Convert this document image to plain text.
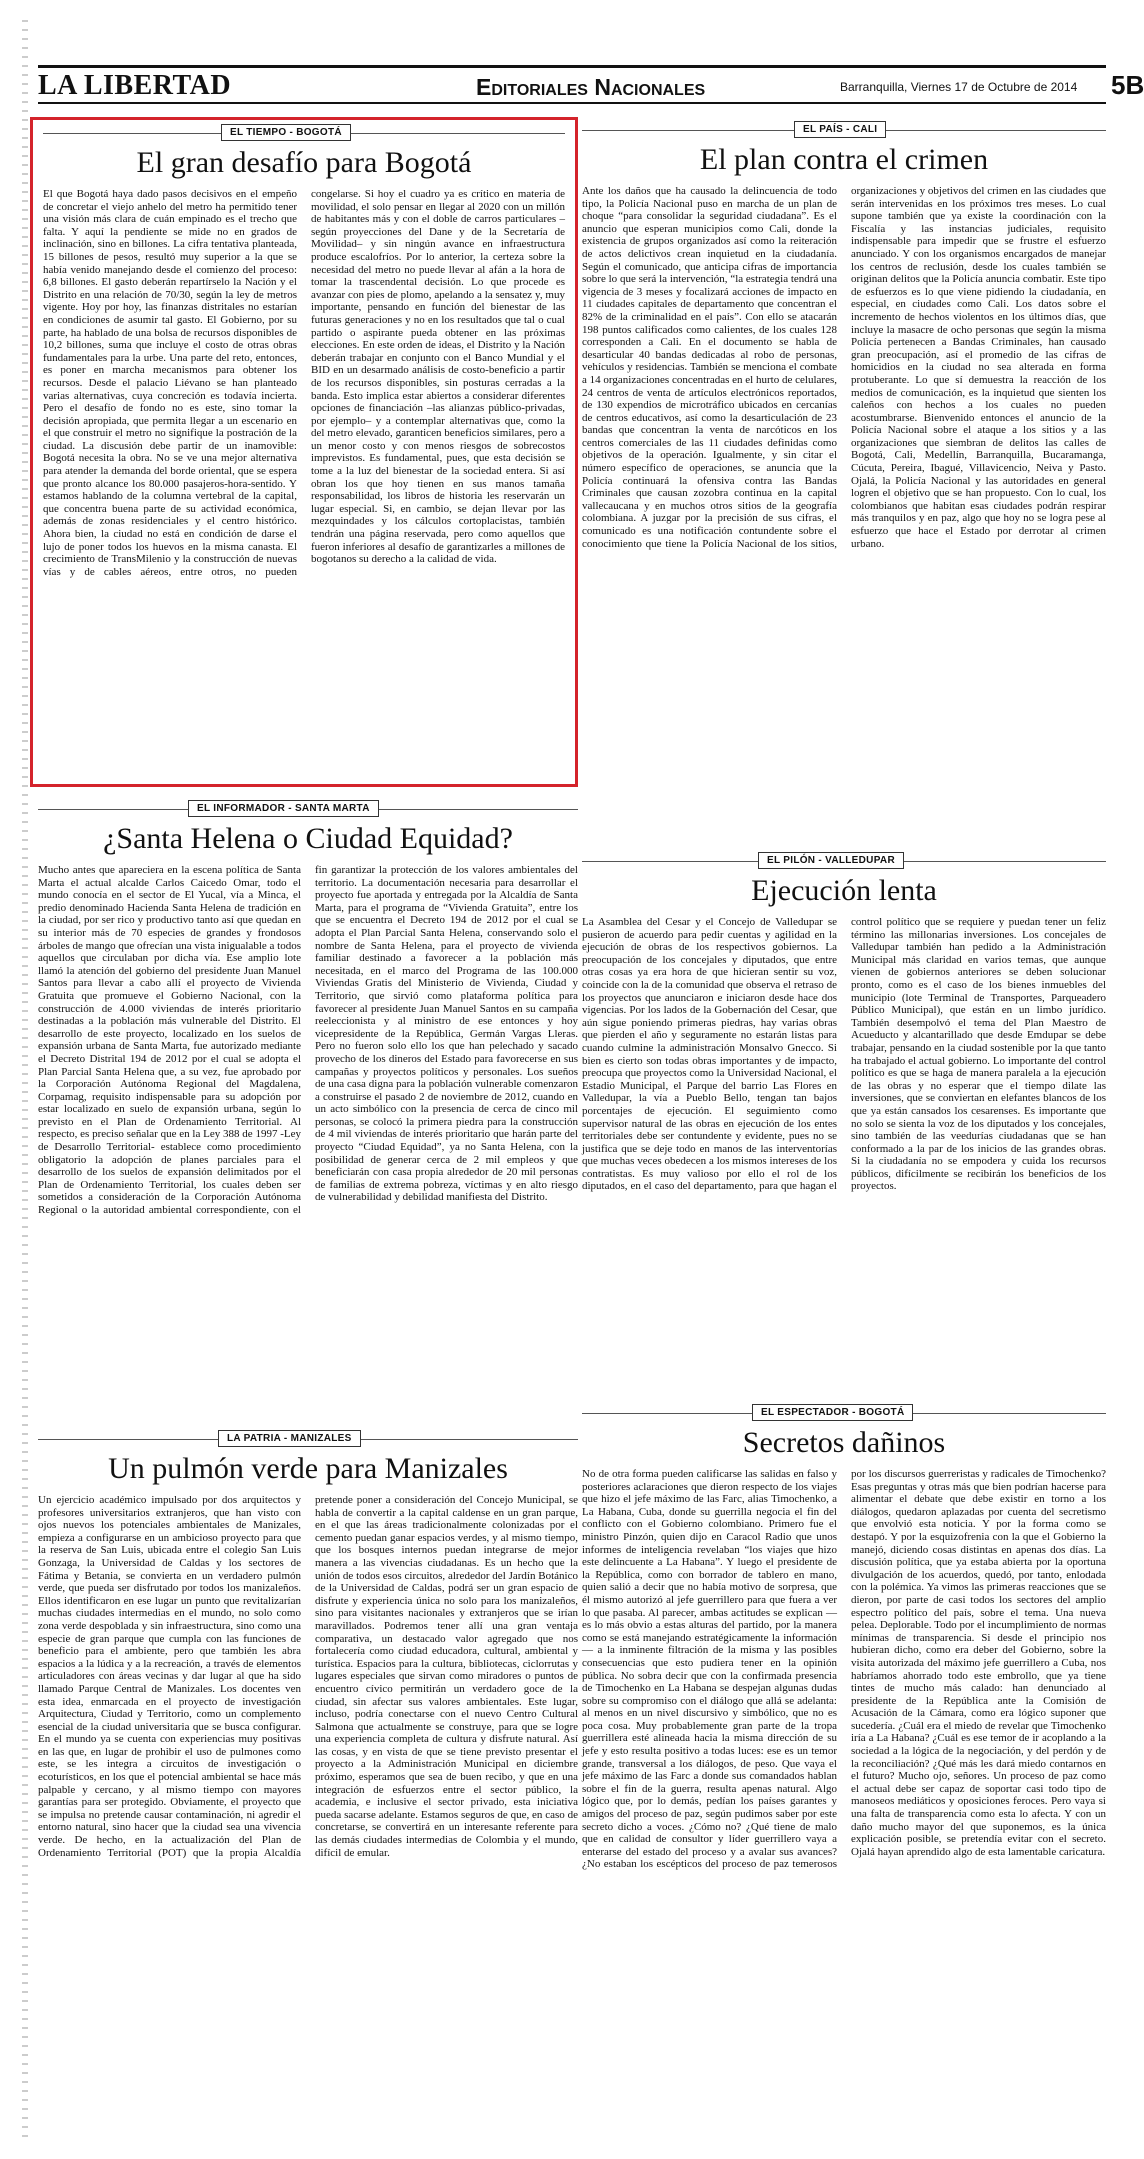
LA LIBERTAD	Editoriales Nacionales	Barranquilla, Viernes 17 de Octubre de 2014 5B
EL TIEMPO - BOGOTÁ
El gran desafío para Bogotá

El que Bogotá haya dado pasos decisivos en el empeño de concretar el viejo anhelo del metro ha permitido tener una visión más clara de cuán empinado es el trecho que falta. Y aquí la pendiente se mide no en grados de inclinación, sino en billones. La cifra tentativa planteada, 15 billones de pesos, resultó muy superior a la que se había venido manejando desde el comienzo del proceso: 6,8 billones. El gasto deberán repartírselo la Nación y el Distrito en una relación de 70/30, según la ley de metros vigente. Hoy por hoy, las finanzas distritales no estarían en condiciones de asumir tal gasto. El Gobierno, por su parte, ha hablado de una bolsa de recursos disponibles de 10,2 billones, suma que incluye el costo de otras obras fundamentales para la urbe. Una parte del reto, entonces, es poner en marcha mecanismos para obtener los recursos. Desde el palacio Liévano se han planteado varias alternativas, cuya concreción es todavía incierta. Pero el desafío de fondo no es este, sino tomar la decisión apropiada, que permita llegar a un escenario en el que construir el metro no signifique la postración de la ciudad. La discusión debe partir de un inamovible: Bogotá necesita la obra. No se ve una mejor alternativa para atender la demanda del borde oriental, que se espera que pronto alcance los 80.000 pasajeros-hora-sentido. Y estamos hablando de la columna vertebral de la capital, que concentra buena parte de su actividad económica, además de zonas residenciales y el centro histórico. Ahora bien, la ciudad no está en condición de darse el lujo de poner todos los huevos en la misma canasta. El crecimiento de TransMilenio y la construcción de nuevas vías y de cables aéreos, entre otros, no pueden congelarse. Si hoy el cuadro ya es crítico en materia de movilidad, el solo pensar en llegar al 2020 con un millón de habitantes más y con el doble de carros particulares –según proyecciones del Dane y de la Secretaría de Movilidad– y sin ningún avance en infraestructura produce escalofríos. Por lo anterior, la certeza sobre la necesidad del metro no puede llevar al afán a la hora de tomar la trascendental decisión. Lo que procede es avanzar con pies de plomo, apelando a la sensatez y, muy importante, pensando en función del bienestar de las futuras generaciones y no en los resultados que tal o cual partido o aspirante pueda obtener en las próximas elecciones. En este orden de ideas, el Distrito y la Nación deberán trabajar en conjunto con el Banco Mundial y el BID en un desarmado análisis de costo-beneficio a partir de los recursos disponibles, sin posturas cerradas a la banda. Esto implica estar abiertos a considerar diferentes opciones de financiación –las alianzas público-privadas, por ejemplo– y a contemplar alternativas que, como la del metro elevado, garanticen beneficios similares, pero a un menor costo y con menos riesgos de sobrecostos imprevistos. Es fundamental, pues, que esta decisión se tome a la luz del bienestar de la sociedad entera. Si así obran los que hoy tienen en sus manos tamaña responsabilidad, los libros de historia les reservarán un lugar especial. Si, en cambio, se dejan llevar por las mezquindades y los cálculos cortoplacistas, también tendrán una página reservada, pero como aquellos que fueron inferiores al desafío de garantizarles a millones de bogotanos su derecho a la calidad de vida.

EL PAÍS - CALI
El plan contra el crimen

Ante los daños que ha causado la delincuencia de todo tipo, la Policía Nacional puso en marcha de un plan de choque “para consolidar la seguridad ciudadana”. Es el anuncio que esperan municipios como Cali, donde la existencia de grupos organizados así como la reiteración de actos delictivos crean inquietud en la ciudadanía. Según el comunicado, que anticipa cifras de importancia sobre lo que será la intervención, “la estrategia tendrá una vigencia de 3 meses y focalizará acciones de impacto en 11 ciudades capitales de departamento que concentran el 82% de la criminalidad en el país”. Con ello se atacarán 198 puntos calificados como calientes, de los cuales 128 corresponden a Cali. En el documento se habla de desarticular 40 bandas dedicadas al robo de personas, vehículos y residencias. También se menciona el combate a 14 organizaciones concentradas en el hurto de celulares, 24 centros de venta de artículos electrónicos reportados, de 130 expendios de microtráfico ubicados en cercanías de centros educativos, así como la desarticulación de 23 bandas que concentran la venta de narcóticos en los centros comerciales de las 11 ciudades definidas como objetivos de la operación. Igualmente, y sin citar el número específico de operaciones, se anuncia que la Policía continuará la ofensiva contra las Bandas Criminales que causan zozobra continua en la capital vallecaucana y en muchos otros sitios de la geografía colombiana. A juzgar por la precisión de sus cifras, el comunicado es una notificación contundente sobre el conocimiento que tiene la Policía Nacional de los sitios, organizaciones y objetivos del crimen en las ciudades que serán intervenidas en los próximos tres meses. Lo cual supone también que ya existe la coordinación con la Fiscalía y las instancias judiciales, requisito indispensable para impedir que se frustre el esfuerzo anunciado. Y con los organismos encargados de manejar los centros de reclusión, desde los cuales también se originan delitos que la Policía anuncia combatir. Este tipo de esfuerzos es lo que viene pidiendo la ciudadanía, en especial, en ciudades como Cali. Los datos sobre el incremento de hechos violentos en los últimos días, que incluye la masacre de ocho personas que según la misma Policía pertenecen a Bandas Criminales, han causado gran preocupación, así el promedio de las cifras de homicidios en la ciudad no sea alterada en forma protuberante. Lo que sí demuestra la reacción de los medios de comunicación, es la inquietud que sienten los caleños con hechos a los cuales no pueden acostumbrarse. Bienvenido entonces el anuncio de la Policía Nacional sobre el ataque a los sitios y a las organizaciones que siembran de delitos las calles de Bogotá, Cali, Medellín, Barranquilla, Bucaramanga, Cúcuta, Pereira, Ibagué, Villavicencio, Neiva y Pasto. Ojalá, la Policía Nacional y las autoridades en general logren el objetivo que se han propuesto. Con lo cual, los colombianos que habitan esas ciudades podrán respirar más tranquilos y en paz, algo que hoy no se logra pese al esfuerzo que hace el Estado por derrotar al crimen urbano.

EL INFORMADOR - SANTA MARTA
¿Santa Helena o Ciudad Equidad?

Mucho antes que apareciera en la escena política de Santa Marta el actual alcalde Carlos Caicedo Omar, todo el mundo conocía en el sector de El Yucal, vía a Minca, el predio denominado Hacienda Santa Helena de tradición en la ciudad, por ser rico y productivo tanto así que quedan en su interior más de 70 especies de grandes y frondosos árboles de mango que ofrecían una vista inigualable a todos aquellos que circulaban por dicha vía. Ese amplio lote llamó la atención del gobierno del presidente Juan Manuel Santos para llevar a cabo allí el proyecto de Vivienda Gratuita que promueve el Gobierno Nacional, con la construcción de 4.000 viviendas de interés prioritario destinadas a la población más vulnerable del Distrito. El desarrollo de este proyecto, localizado en los suelos de expansión urbana de Santa Marta, fue autorizado mediante el Decreto Distrital 194 de 2012 por el cual se adopta el Plan Parcial Santa Helena que, a su vez, fue aprobado por la Corporación Autónoma Regional del Magdalena, Corpamag, requisito indispensable para su adopción por estar localizado en suelo de expansión urbana, según lo previsto en el Plan de Ordenamiento Territorial. Al respecto, es preciso señalar que en la Ley 388 de 1997 -Ley de Desarrollo Territorial- establece como procedimiento obligatorio la adopción de planes parciales para el desarrollo de los suelos de expansión delimitados por el Plan de Ordenamiento Territorial, los cuales deben ser sometidos a consideración de la Corporación Autónoma Regional o la autoridad ambiental correspondiente, con el fin garantizar la protección de los valores ambientales del territorio. La documentación necesaria para desarrollar el proyecto fue aportada y entregada por la Alcaldía de Santa Marta, para el programa de “Vivienda Gratuita”, entre los que se encuentra el Decreto 194 de 2012 por el cual se adopta el Plan Parcial Santa Helena, conservando solo el nombre de Santa Helena, para el proyecto de vivienda familiar destinado a favorecer a la población más necesitada, en el marco del Programa de las 100.000 Viviendas Gratis del Ministerio de Vivienda, Ciudad y Territorio, que sirvió como plataforma política para favorecer al presidente Juan Manuel Santos en su campaña reeleccionista y al ministro de ese entonces y hoy vicepresidente de la República, Germán Vargas Lleras. Pero no fueron solo ello los que han pelechado y sacado provecho de los dineros del Estado para favorecerse en sus campañas y proyectos políticos y personales. Los sueños de una casa digna para la población vulnerable comenzaron a construirse el pasado 2 de noviembre de 2012, cuando en un acto simbólico con la presencia de cerca de cinco mil personas, se colocó la primera piedra para la construcción de 4 mil viviendas de interés prioritario que harán parte del proyecto “Ciudad Equidad”, ya no Santa Helena, con la posibilidad de generar cerca de 2 mil empleos y que beneficiarán con casa propia alrededor de 20 mil personas de familias de extrema pobreza, víctimas y en alto riesgo de vulnerabilidad y debilidad manifiesta del Distrito.

EL PILÓN - VALLEDUPAR
Ejecución lenta

La Asamblea del Cesar y el Concejo de Valledupar se pusieron de acuerdo para pedir cuentas y agilidad en la ejecución de obras de los respectivos gobiernos. La preocupación de los concejales y diputados, que entre otras cosas ya era hora de que hicieran sentir su voz, coincide con la de la comunidad que observa el retraso de los proyectos que anunciaron e iniciaron desde hace dos vigencias. Por los lados de la Gobernación del Cesar, que aún sigue poniendo primeras piedras, hay varias obras que pierden el año y seguramente no estarán listas para cuando culmine la administración Monsalvo Gnecco. Si bien es cierto son todas obras importantes y de impacto, preocupa que proyectos como la Universidad Nacional, el Estadio Municipal, el Parque del barrio Las Flores en Valledupar, la vía a Pueblo Bello, tengan tan bajos porcentajes de ejecución. El seguimiento como supervisor natural de las obras en ejecución de los entes territoriales debe ser contundente y evidente, pues no se justifica que se deje todo en manos de las interventorías que muchas veces obedecen a los mismos intereses de los contratistas. Es muy valioso por ello el rol de los diputados, en el caso del departamento, para que hagan el control político que se requiere y puedan tener un feliz término las millonarias inversiones. Los concejales de Valledupar también han pedido a la Administración Municipal más claridad en varios temas, que aunque vienen de gobiernos anteriores se deben solucionar pronto, como es el caso de los bienes inmuebles del municipio (lote Terminal de Transportes, Parqueadero Público Municipal), que están en un limbo jurídico. También desempolvó el tema del Plan Maestro de Acueducto y alcantarillado que desde Emdupar se debe trabajar, pensando en la ciudad sostenible por la que tanto ha trabajado el actual gobierno. Lo importante del control político es que se haga de manera paralela a la ejecución de las obras y no esperar que el tiempo dilate las inversiones, que se conviertan en elefantes blancos de los que ya están cansados los cesarenses. Es importante que no solo se sienta la voz de los diputados y los concejales, sino también de las veedurías ciudadanas que se han conformado a la par de los inicios de las grandes obras. Si la ciudadanía no se empodera y cuida los recursos públicos, difícilmente se recibirán los beneficios de los proyectos.

LA PATRIA - MANIZALES
Un pulmón verde para Manizales

Un ejercicio académico impulsado por dos arquitectos y profesores universitarios extranjeros, que han visto con ojos nuevos los potenciales ambientales de Manizales, empieza a configurarse en un ambicioso proyecto para que la reserva de San Luis, ubicada entre el colegio San Luis Gonzaga, la Universidad de Caldas y los sectores de Fátima y Betania, se convierta en un verdadero pulmón verde, que pueda ser disfrutado por todos los manizaleños. Ellos identificaron en ese lugar un punto que revitalizarían muchas ciudades intermedias en el mundo, no solo como zona verde despoblada y sin infraestructura, sino como una especie de gran parque que cumpla con las funciones de beneficio para el ambiente, pero que también les abra espacios a la lúdica y a la recreación, a través de elementos articuladores con áreas vecinas y dar lugar al que ha sido llamado Parque Central de Manizales. Los docentes ven esta idea, enmarcada en el proyecto de investigación Arquitectura, Ciudad y Territorio, como un complemento esencial de la ciudad universitaria que se busca configurar. En el mundo ya se cuenta con experiencias muy positivas en las que, en lugar de prohibir el uso de pulmones como este, se les integra a circuitos de investigación o ecoturísticos, en los que el potencial ambiental se hace más palpable y cercano, y al mismo tiempo con mayores garantías para ser protegido. Obviamente, el proyecto que se impulsa no pretende causar contaminación, ni agredir el entorno natural, sino hacer que la ciudad sea una vivencia verde. De hecho, en la actualización del Plan de Ordenamiento Territorial (POT) que la propia Alcaldía pretende poner a consideración del Concejo Municipal, se habla de convertir a la capital caldense en un gran parque, en el que las áreas tradicionalmente colonizadas por el cemento puedan ganar espacios verdes, y al mismo tiempo, que los bosques internos puedan integrarse de mejor manera a las vivencias ciudadanas. Es un hecho que la unión de todos esos circuitos, alrededor del Jardín Botánico de la Universidad de Caldas, podrá ser un gran espacio de disfrute y experiencia única no solo para los manizaleños, sino para visitantes nacionales y extranjeros que se irían maravillados. Podremos tener allí una gran ventaja comparativa, un destacado valor agregado que nos fortalecería como ciudad educadora, cultural, ambiental y turística. Espacios para la cultura, bibliotecas, ciclorrutas y lugares especiales que sirvan como miradores o puntos de encuentro cívico permitirán un verdadero goce de la ciudad, sin afectar sus valores ambientales. Este lugar, incluso, podría conectarse con el nuevo Centro Cultural Salmona que actualmente se construye, para que se logre una experiencia completa de cultura y disfrute natural. Así las cosas, y en vista de que se tiene previsto presentar el proyecto a la Administración Municipal en diciembre próximo, esperamos que sea de buen recibo, y que en una integración de esfuerzos entre el sector público, la academia, e inclusive el sector privado, esta iniciativa pueda sacarse adelante. Estamos seguros de que, en caso de concretarse, se convertirá en un interesante referente para las demás ciudades intermedias de Colombia y el mundo, difícil de emular.

EL ESPECTADOR - BOGOTÁ
Secretos dañinos

No de otra forma pueden calificarse las salidas en falso y posteriores aclaraciones que dieron respecto de los viajes que hizo el jefe máximo de las Farc, alias Timochenko, a La Habana, Cuba, donde su guerrilla negocia el fin del conflicto con el Gobierno colombiano. Primero fue el ministro Pinzón, quien dijo en Caracol Radio que unos informes de inteligencia revelaban “los viajes que hizo este delincuente a La Habana”. Y luego el presidente de la República, como con borrador de tablero en mano, quien salió a decir que no había motivo de sorpresa, que él mismo autorizó al jefe guerrillero para que fuera a ver lo que pasaba. Al parecer, ambas actitudes se explican —es lo más obvio a estas alturas del partido, por la manera como se está manejando estratégicamente la información— a la inminente filtración de la misma y las posibles consecuencias que esto pudiera tener en la opinión pública. No sobra decir que con la confirmada presencia de Timochenko en La Habana se despejan algunas dudas sobre su compromiso con el diálogo que allá se adelanta: al menos en un nivel discursivo y simbólico, que no es poca cosa. Muy probablemente gran parte de la tropa guerrillera esté alineada hacia la misma dirección de su jefe y esto resulta positivo a todas luces: ese es un temor grande, transversal a los diálogos, de peso. Que vaya el jefe máximo de las Farc a donde sus comandados hablan sobre el fin de la guerra, resulta apenas natural. Algo lógico que, por lo demás, pedían los países garantes y amigos del proceso de paz, según pudimos saber por este secreto dicho a voces. ¿Cómo no? ¿Qué tiene de malo que en calidad de consultor y líder guerrillero vaya a enterarse del estado del proceso y a avalar sus avances? ¿No estaban los escépticos del proceso de paz temerosos por los discursos guerreristas y radicales de Timochenko? Esas preguntas y otras más que bien podrían hacerse para alimentar el debate que debe existir en torno a los diálogos, quedaron aplazadas por cuenta del secretismo que envolvió esta noticia. Y por la forma como se destapó. Y por la esquizofrenia con la que el Gobierno la manejó, diciendo cosas distintas en apenas dos días. La discusión política, que ya estaba abierta por la oportuna divulgación de los acuerdos, quedó, por tanto, enlodada con la polémica. Ya vimos las primeras reacciones que se dieron, por parte de casi todos los sectores del amplio espectro político del país, sobre el tema. Una nueva pelea. Deplorable. Todo por el incumplimiento de normas mínimas de transparencia. Si desde el principio nos hubieran dicho, como era deber del Gobierno, sobre la visita autorizada del máximo jefe guerrillero a Cuba, nos habríamos ahorrado todo este embrollo, que ya tiene tintes de mucho más calado: han denunciado al presidente de la República ante la Comisión de Acusación de la Cámara, como era lógico suponer que sucedería. ¿Cuál era el miedo de revelar que Timochenko iría a La Habana? ¿Cuál es ese temor de ir acoplando a la sociedad a la lógica de la negociación, y del perdón y de la reconciliación? ¿Qué más les dará miedo contarnos en el futuro? Mucho ojo, señores. Un proceso de paz como el actual debe ser capaz de soportar casi todo tipo de manoseos mediáticos y oposiciones feroces. Pero vaya si una falta de transparencia como esta lo afecta. Y con un daño mucho mayor del que suponemos, es la única explicación posible, se pretendía evitar con el secreto. Ojalá hayan aprendido algo de esta lamentable caricatura.
